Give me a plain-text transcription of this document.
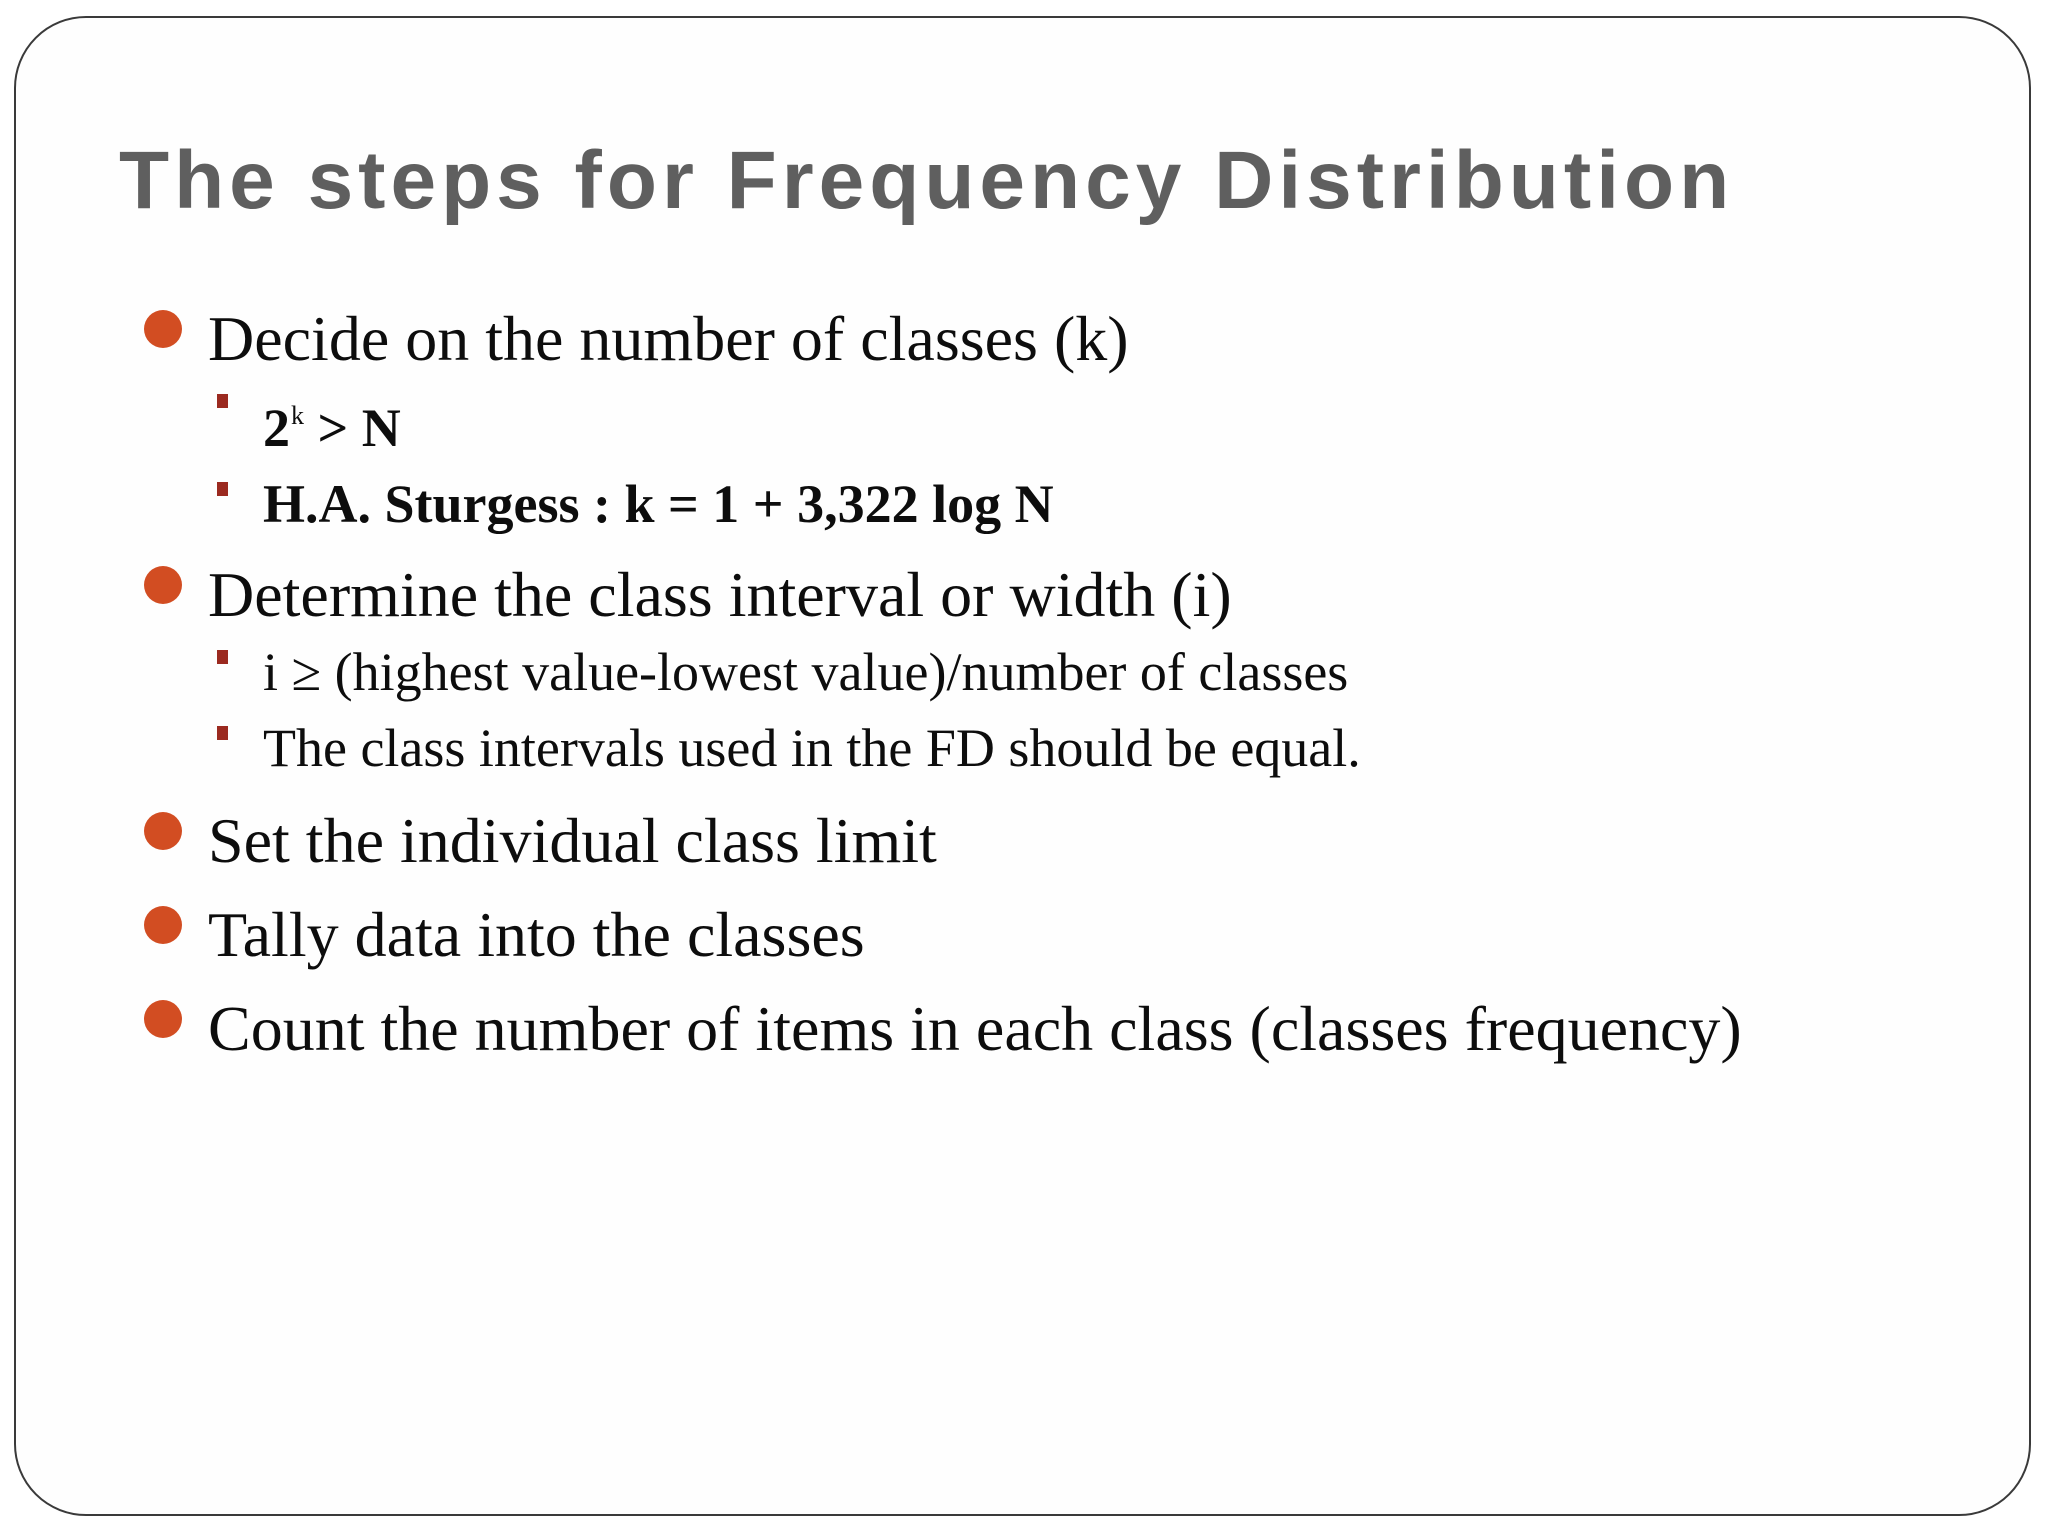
The steps for Frequency Distribution
Decide on the number of classes (k)
$2^k > N$
H.A. Sturgess : k = 1 + 3,322 log N
Determine the class interval or width (i)
i ≥ (highest value-lowest value)/number of classes
The class intervals used in the FD should be equal.
Set the individual class limit
Tally data into the classes
Count the number of items in each class (classes frequency)
